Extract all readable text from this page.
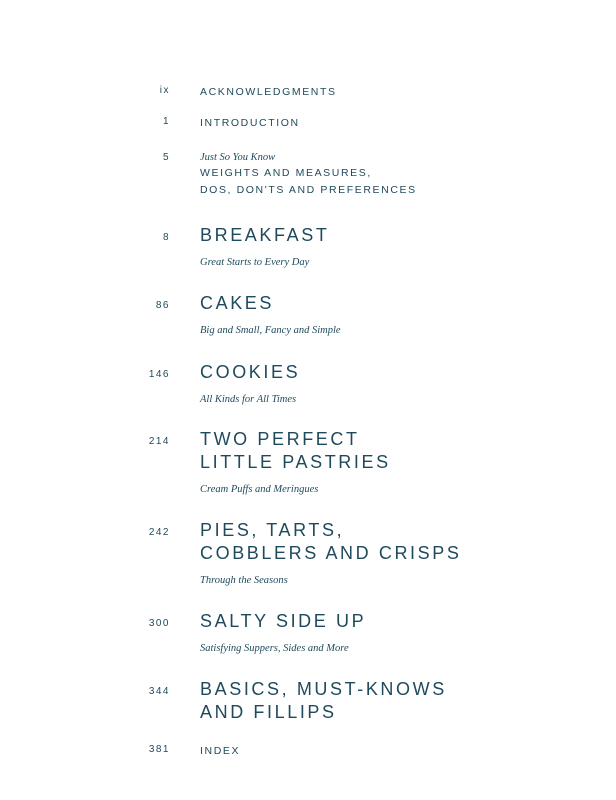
ix	ACKNOWLEDGMENTS
1	INTRODUCTION
5	Just So You Know
WEIGHTS AND MEASURES,
DOS, DON'TS AND PREFERENCES
8 BREAKFAST
Great Starts to Every Day
86 CAKES
Big and Small, Fancy and Simple
146 COOKIES
All Kinds for All Times
214 TWO PERFECT
LITTLE PASTRIES
Cream Puffs and Meringues
242 PIES, TARTS,
COBBLERS AND CRISPS
Through the Seasons
300 SALTY SIDE UP
Satisfying Suppers, Sides and More
344 BASICS, MUST-KNOWS
AND FILLIPS
381	INDEX
